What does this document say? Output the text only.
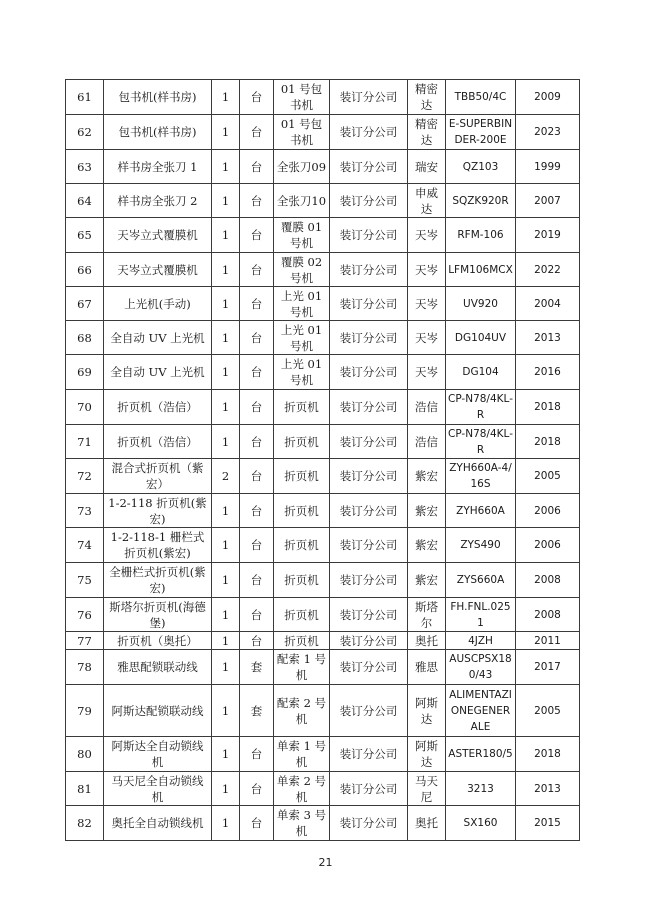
61	包书机(样书房)	1	台	01 号包书机	装订分公司	精密达	TBB50/4C	2009
62	包书机(样书房)	1	台	01 号包书机	装订分公司	精密达	E-SUPERBINDER-200E	2023
63	样书房全张刀 1	1	台	全张刀09	装订分公司	瑞安	QZ103	1999
64	样书房全张刀 2	1	台	全张刀10	装订分公司	申威达	SQZK920R	2007
65	天岑立式覆膜机	1	台	覆膜 01号机	装订分公司	天岑	RFM-106	2019
66	天岑立式覆膜机	1	台	覆膜 02号机	装订分公司	天岑	LFM106MCX	2022
67	上光机(手动)	1	台	上光 01号机	装订分公司	天岑	UV920	2004
68	全自动 UV 上光机	1	台	上光 01号机	装订分公司	天岑	DG104UV	2013
69	全自动 UV 上光机	1	台	上光 01号机	装订分公司	天岑	DG104	2016
70	折页机（浩信）	1	台	折页机	装订分公司	浩信	CP-N78/4KL-R	2018
71	折页机（浩信）	1	台	折页机	装订分公司	浩信	CP-N78/4KL-R	2018
72	混合式折页机（紫宏）	2	台	折页机	装订分公司	紫宏	ZYH660A-4/16S	2005
73	1-2-118 折页机(紫宏)	1	台	折页机	装订分公司	紫宏	ZYH660A	2006
74	1-2-118-1 栅栏式折页机(紫宏)	1	台	折页机	装订分公司	紫宏	ZYS490	2006
75	全栅栏式折页机(紫宏)	1	台	折页机	装订分公司	紫宏	ZYS660A	2008
76	斯塔尔折页机(海德堡)	1	台	折页机	装订分公司	斯塔尔	FH.FNL.0251	2008
77	折页机（奥托）	1	台	折页机	装订分公司	奥托	4JZH	2011
78	雅思配锁联动线	1	套	配索 1 号机	装订分公司	雅思	AUSCPSX180/43	2017
79	阿斯达配锁联动线	1	套	配索 2 号机	装订分公司	阿斯达	ALIMENTAZIONEGENERALE	2005
80	阿斯达全自动锁线机	1	台	单索 1 号机	装订分公司	阿斯达	ASTER180/5	2018
81	马天尼全自动锁线机	1	台	单索 2 号机	装订分公司	马天尼	3213	2013
82	奥托全自动锁线机	1	台	单索 3 号机	装订分公司	奥托	SX160	2015
21
